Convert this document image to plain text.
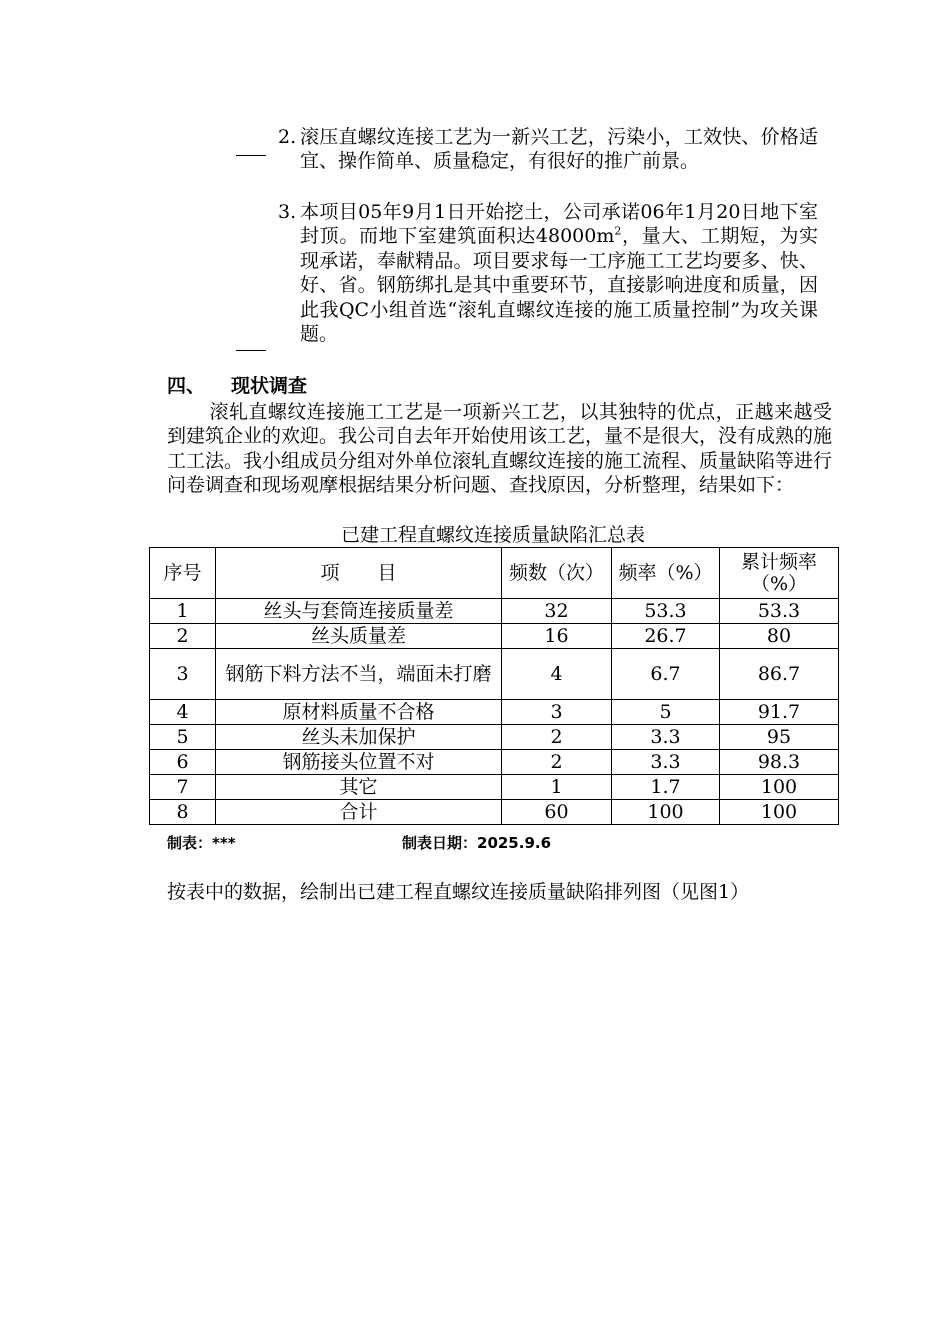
2. 滚压直螺纹连接工艺为一新兴工艺，污染小，工效快、价格适宜、操作简单、质量稳定，有很好的推广前景。
3. 本项目05年9月1日开始挖土，公司承诺06年1月20日地下室封顶。而地下室建筑面积达$48000m^2$，量大、工期短，为实现承诺，奉献精品。项目要求每一工序施工工艺均要多、快、好、省。钢筋绑扎是其中重要环节，直接影响进度和质量，因此我QC小组首选“滚轧直螺纹连接的施工质量控制”为攻关课题。
四、 现状调查
滚轧直螺纹连接施工工艺是一项新兴工艺，以其独特的优点，正越来越受到建筑企业的欢迎。我公司自去年开始使用该工艺，量不是很大，没有成熟的施工工法。我小组成员分组对外单位滚轧直螺纹连接的施工流程、质量缺陷等进行问卷调查和现场观摩根据结果分析问题、查找原因，分析整理，结果如下：
已建工程直螺纹连接质量缺陷汇总表
序号	项　　目	频数（次）	频率（%）	累计频率（%）
1	丝头与套筒连接质量差	32	53.3	53.3
2	丝头质量差	16	26.7	80
3	钢筋下料方法不当，端面未打磨	4	6.7	86.7
4	原材料质量不合格	3	5	91.7
5	丝头未加保护	2	3.3	95
6	钢筋接头位置不对	2	3.3	98.3
7	其它	1	1.7	100
8	合计	60	100	100
制表：***	制表日期：2025.9.6
按表中的数据，绘制出已建工程直螺纹连接质量缺陷排列图（见图1）
